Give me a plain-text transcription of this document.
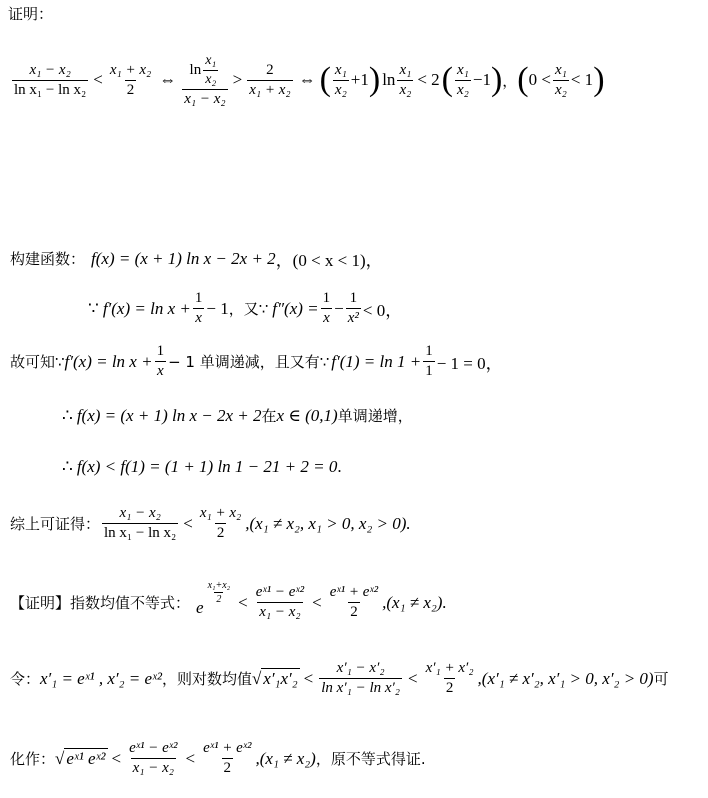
证明：
x₁ − x₂
ln x₁ − ln x₂
<
x₁ + x₂
2
⇔
ln
x₁
x₂
x₁ − x₂
>
2
x₁ + x₂
⇔ ( x₁
x₂
+1 ) ln
x₁
x₂
< 2 ( x₁
x₂
−1 ) ， ( 0 <
x₁
x₂
< 1 )
构建函数： f(x) = (x + 1) ln x − 2x + 2 ，(0 < x < 1)，
∵ $f'(x) = \ln x + \frac{1}{x} - 1$ ，又∵ $f''(x) = \frac{1}{x} - \frac{1}{\text{x²}} < 0$，
故可知∵ $f'(x) = \ln x + \frac{1}{x} - 1$ 单调递减，且又有∵ $f'(1) = \ln 1 + \frac{1}{1} - 1 = 0$，
∴ f(x) = (x + 1) ln x − 2x + 2 在 x ∈ (0,1) 单调递增，
∴ f(x) < f(1) = (1 + 1) ln 1 − 21 + 2 = 0 .
综上可证得：
x₁ − x₂
ln x₁ − ln x₂
<
x₁ + x₂
2
,(x₁ ≠ x₂, x₁ > 0, x₂ > 0).
【证明】指数均值不等式： e
x₁+x₂
2 <
eˣ¹ − eˣ²
x₁ − x₂
<
eˣ¹ + eˣ²
2
,(x₁ ≠ x₂).
令： x′₁ = eˣ¹ , x′₂ = eˣ² ，则对数均值 √ x′₁x′₂ <
x′₁ − x′₂
ln x′₁ − ln x′₂
<
x′₁ + x′₂
2
,(x′₁ ≠ x′₂, x′₁ > 0, x′₂ > 0) 可
化作： √ eˣ¹ eˣ² <
eˣ¹ − eˣ²
x₁ − x₂
<
eˣ¹ + eˣ²
2
,(x₁ ≠ x₂) ，原不等式得证.
